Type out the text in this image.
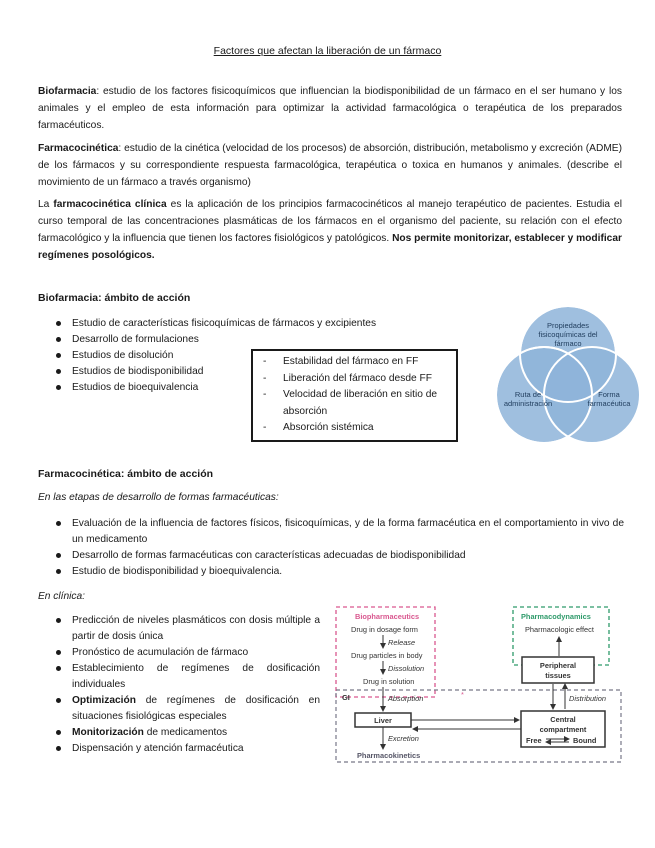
Factores que afectan la liberación de un fármaco

Biofarmacia: estudio de los factores fisicoquímicos que influencian la biodisponibilidad de un fármaco en el ser humano y los animales y el empleo de esta información para optimizar la actividad farmacológica o terapéutica de los preparados farmacéuticos.

Farmacocinética: estudio de la cinética (velocidad de los procesos) de absorción, distribución, metabolismo y excreción (ADME) de los fármacos y su correspondiente respuesta farmacológica, terapéutica o toxica en humanos y animales. (describe el movimiento de un fármaco a través organismo)

La farmacocinética clínica es la aplicación de los principios farmacocinéticos al manejo terapéutico de pacientes. Estudia el curso temporal de las concentraciones plasmáticas de los fármacos en el organismo del paciente, su relación con el efecto farmacológico y la influencia que tienen los factores fisiológicos y patológicos. Nos permite monitorizar, establecer y modificar regímenes posológicos.

Biofarmacia: ámbito de acción
Estudio de características fisicoquímicas de fármacos y excipientes
Desarrollo de formulaciones
Estudios de disolución
Estudios de biodisponibilidad
Estudios de bioequivalencia
- Estabilidad del fármaco en FF
- Liberación del fármaco desde FF
- Velocidad de liberación en sitio de absorción
- Absorción sistémica
Propiedades
fisicoquímicas del
fármaco
Ruta de
administración
Forma
farmacéutica
Farmacocinética: ámbito de acción
En las etapas de desarrollo de formas farmacéuticas:
Evaluación de la influencia de factores físicos, fisicoquímicas, y de la forma farmacéutica en el comportamiento in vivo de un medicamento
Desarrollo de formas farmacéuticas con características adecuadas de biodisponibilidad
Estudio de biodisponibilidad y bioequivalencia.
En clínica:
Predicción de niveles plasmáticos con dosis múltiple a partir de dosis única
Pronóstico de acumulación de fármaco
Establecimiento de regímenes de dosificación individuales
Optimización de regímenes de dosificación en situaciones fisiológicas especiales
Monitorización de medicamentos
Dispensación y atención farmacéutica
Biopharmaceutics
Drug in dosage form
Release
Drug particles in body
Dissolution
Drug in solution
GI	Absorption
Liver
Excretion
Pharmacokinetics
*
Pharmacodynamics
Pharmacologic effect
Peripheral
tissues
Distribution
Central
compartment
Free	Bound
